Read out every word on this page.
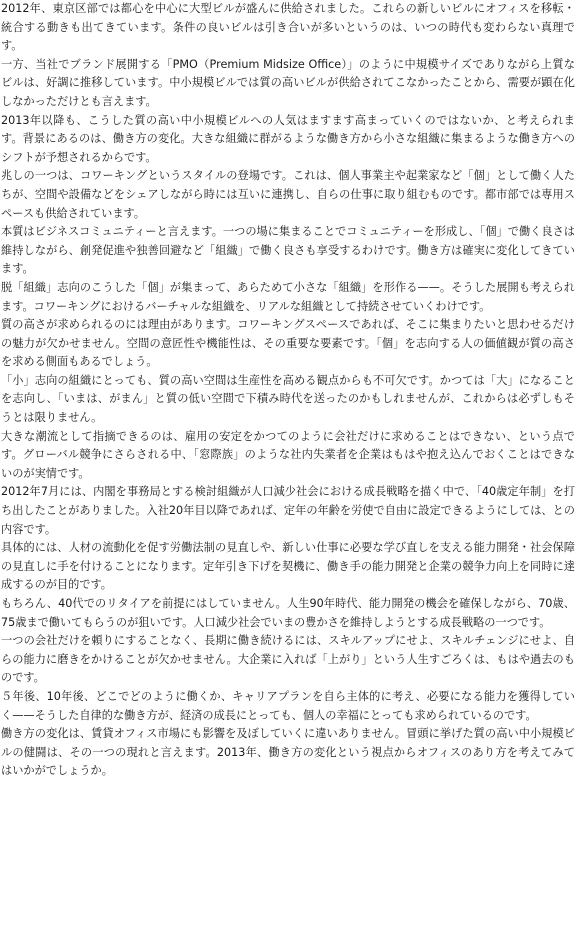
2012年、東京区部では都心を中心に大型ビルが盛んに供給されました。これらの新しいビルにオフィスを移転・統合する動きも出てきています。条件の良いビルは引き合いが多いというのは、いつの時代も変わらない真理です。

一方、当社でブランド展開する「PMO（Premium Midsize Office）」のように中規模サイズでありながら上質なビルは、好調に推移しています。中小規模ビルでは質の高いビルが供給されてこなかったことから、需要が顕在化しなかっただけとも言えます。

2013年以降も、こうした質の高い中小規模ビルへの人気はますます高まっていくのではないか、と考えられます。背景にあるのは、働き方の変化。大きな組織に群がるような働き方から小さな組織に集まるような働き方へのシフトが予想されるからです。

兆しの一つは、コワーキングというスタイルの登場です。これは、個人事業主や起業家など「個」として働く人たちが、空間や設備などをシェアしながら時には互いに連携し、自らの仕事に取り組むものです。都市部では専用スペースも供給されています。

本質はビジネスコミュニティーと言えます。一つの場に集まることでコミュニティーを形成し、「個」で働く良さは維持しながら、創発促進や独善回避など「組織」で働く良さも享受するわけです。働き方は確実に変化してきています。

脱「組織」志向のこうした「個」が集まって、あらためて小さな「組織」を形作る——。そうした展開も考えられます。コワーキングにおけるバーチャルな組織を、リアルな組織として持続させていくわけです。

質の高さが求められるのには理由があります。コワーキングスペースであれば、そこに集まりたいと思わせるだけの魅力が欠かせません。空間の意匠性や機能性は、その重要な要素です。「個」を志向する人の価値観が質の高さを求める側面もあるでしょう。

「小」志向の組織にとっても、質の高い空間は生産性を高める観点からも不可欠です。かつては「大」になることを志向し、「いまは、がまん」と質の低い空間で下積み時代を送ったのかもしれませんが、これからは必ずしもそうとは限りません。

大きな潮流として指摘できるのは、雇用の安定をかつてのように会社だけに求めることはできない、という点です。グローバル競争にさらされる中、「窓際族」のような社内失業者を企業はもはや抱え込んでおくことはできないのが実情です。

2012年7月には、内閣を事務局とする検討組織が人口減少社会における成長戦略を描く中で、「40歳定年制」を打ち出したことがありました。入社20年目以降であれば、定年の年齢を労使で自由に設定できるようにしては、との内容です。

具体的には、人材の流動化を促す労働法制の見直しや、新しい仕事に必要な学び直しを支える能力開発・社会保障の見直しに手を付けることになります。定年引き下げを契機に、働き手の能力開発と企業の競争力向上を同時に達成するのが目的です。

もちろん、40代でのリタイアを前提にはしていません。人生90年時代、能力開発の機会を確保しながら、70歳、75歳まで働いてもらうのが狙いです。人口減少社会でいまの豊かさを維持しようとする成長戦略の一つです。

一つの会社だけを頼りにすることなく、長期に働き続けるには、スキルアップにせよ、スキルチェンジにせよ、自らの能力に磨きをかけることが欠かせません。大企業に入れば「上がり」という人生すごろくは、もはや過去のものです。

５年後、10年後、どこでどのように働くか、キャリアプランを自ら主体的に考え、必要になる能力を獲得していく——そうした自律的な働き方が、経済の成長にとっても、個人の幸福にとっても求められているのです。

働き方の変化は、賃貸オフィス市場にも影響を及ぼしていくに違いありません。冒頭に挙げた質の高い中小規模ビルの健闘は、その一つの現れと言えます。2013年、働き方の変化という視点からオフィスのあり方を考えてみてはいかがでしょうか。
